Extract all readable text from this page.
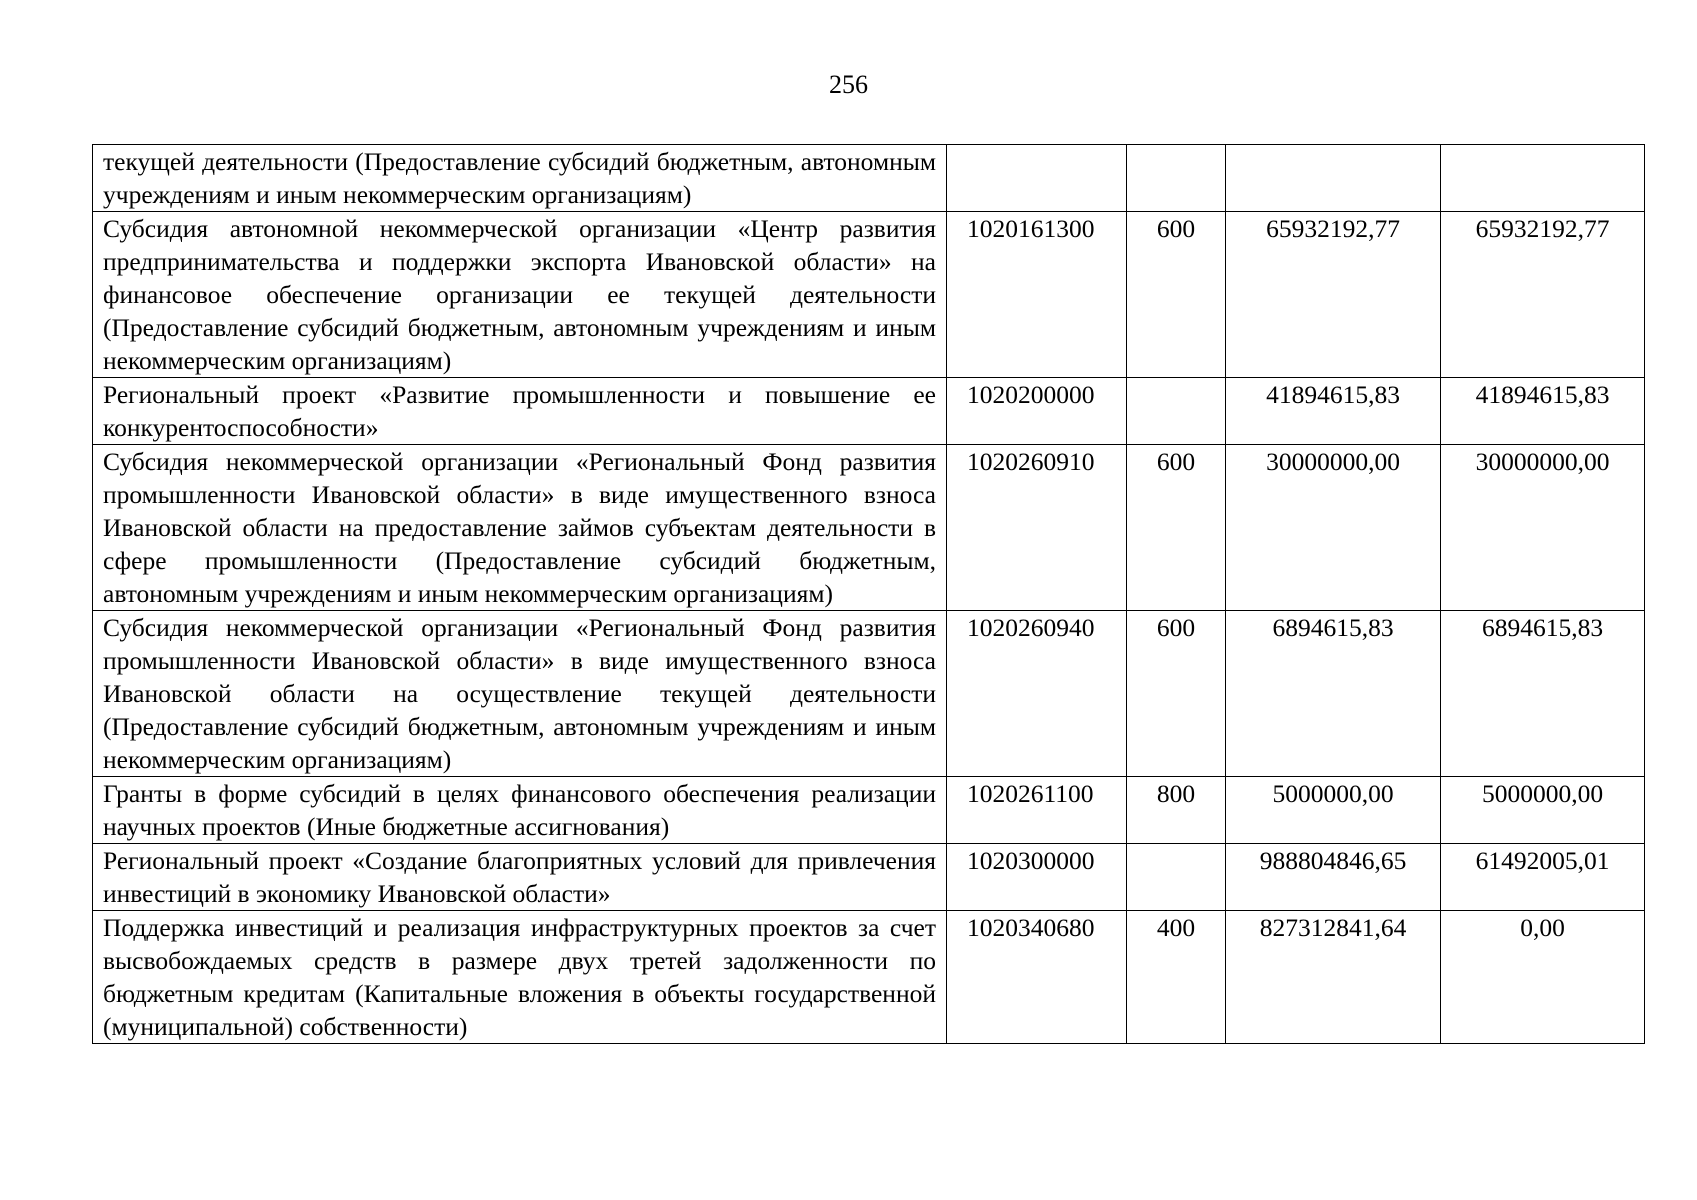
256
текущей деятельности (Предоставление субсидий бюджетным, автономным учреждениям и иным некоммерческим организациям)				
Субсидия автономной некоммерческой организации «Центр развития предпринимательства и поддержки экспорта Ивановской области» на финансовое обеспечение организации ее текущей деятельности (Предоставление субсидий бюджетным, автономным учреждениям и иным некоммерческим организациям)	1020161300	600	65932192,77	65932192,77
Региональный проект «Развитие промышленности и повышение ее конкурентоспособности»	1020200000		41894615,83	41894615,83
Субсидия некоммерческой организации «Региональный Фонд развития промышленности Ивановской области» в виде имущественного взноса Ивановской области на предоставление займов субъектам деятельности в сфере промышленности (Предоставление субсидий бюджетным, автономным учреждениям и иным некоммерческим организациям)	1020260910	600	30000000,00	30000000,00
Субсидия некоммерческой организации «Региональный Фонд развития промышленности Ивановской области» в виде имущественного взноса Ивановской области на осуществление текущей деятельности (Предоставление субсидий бюджетным, автономным учреждениям и иным некоммерческим организациям)	1020260940	600	6894615,83	6894615,83
Гранты в форме субсидий в целях финансового обеспечения реализации научных проектов (Иные бюджетные ассигнования)	1020261100	800	5000000,00	5000000,00
Региональный проект «Создание благоприятных условий для привлечения инвестиций в экономику Ивановской области»	1020300000		988804846,65	61492005,01
Поддержка инвестиций и реализация инфраструктурных проектов за счет высвобождаемых средств в размере двух третей задолженности по бюджетным кредитам (Капитальные вложения в объекты государственной (муниципальной) собственности)	1020340680	400	827312841,64	0,00
